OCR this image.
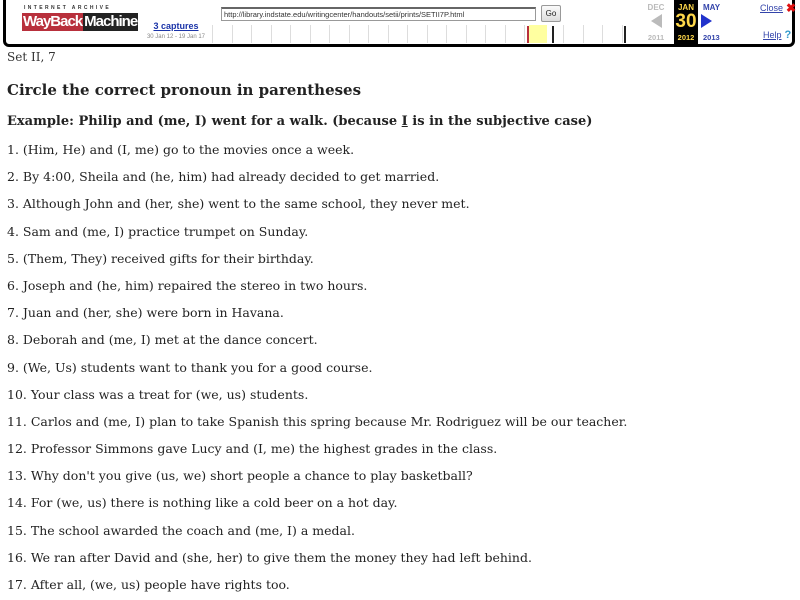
INTERNET ARCHIVE
WayBack Machine	3 captures
30 Jan 12 - 19 Jan 17
http://library.indstate.edu/writingcenter/handouts/setii/prints/SETII7P.html	Go
DEC
2011
JAN
30
2012
MAY
2013
Close ✖
Help ?
Set II, 7
Circle the correct pronoun in parentheses

Example: Philip and (me, I) went for a walk. (because I is in the subjective case)

1. (Him, He) and (I, me) go to the movies once a week.
2. By 4:00, Sheila and (he, him) had already decided to get married.
3. Although John and (her, she) went to the same school, they never met.
4. Sam and (me, I) practice trumpet on Sunday.
5. (Them, They) received gifts for their birthday.
6. Joseph and (he, him) repaired the stereo in two hours.
7. Juan and (her, she) were born in Havana.
8. Deborah and (me, I) met at the dance concert.
9. (We, Us) students want to thank you for a good course.
10. Your class was a treat for (we, us) students.
11. Carlos and (me, I) plan to take Spanish this spring because Mr. Rodriguez will be our teacher.
12. Professor Simmons gave Lucy and (I, me) the highest grades in the class.
13. Why don't you give (us, we) short people a chance to play basketball?
14. For (we, us) there is nothing like a cold beer on a hot day.
15. The school awarded the coach and (me, I) a medal.
16. We ran after David and (she, her) to give them the money they had left behind.
17. After all, (we, us) people have rights too.
